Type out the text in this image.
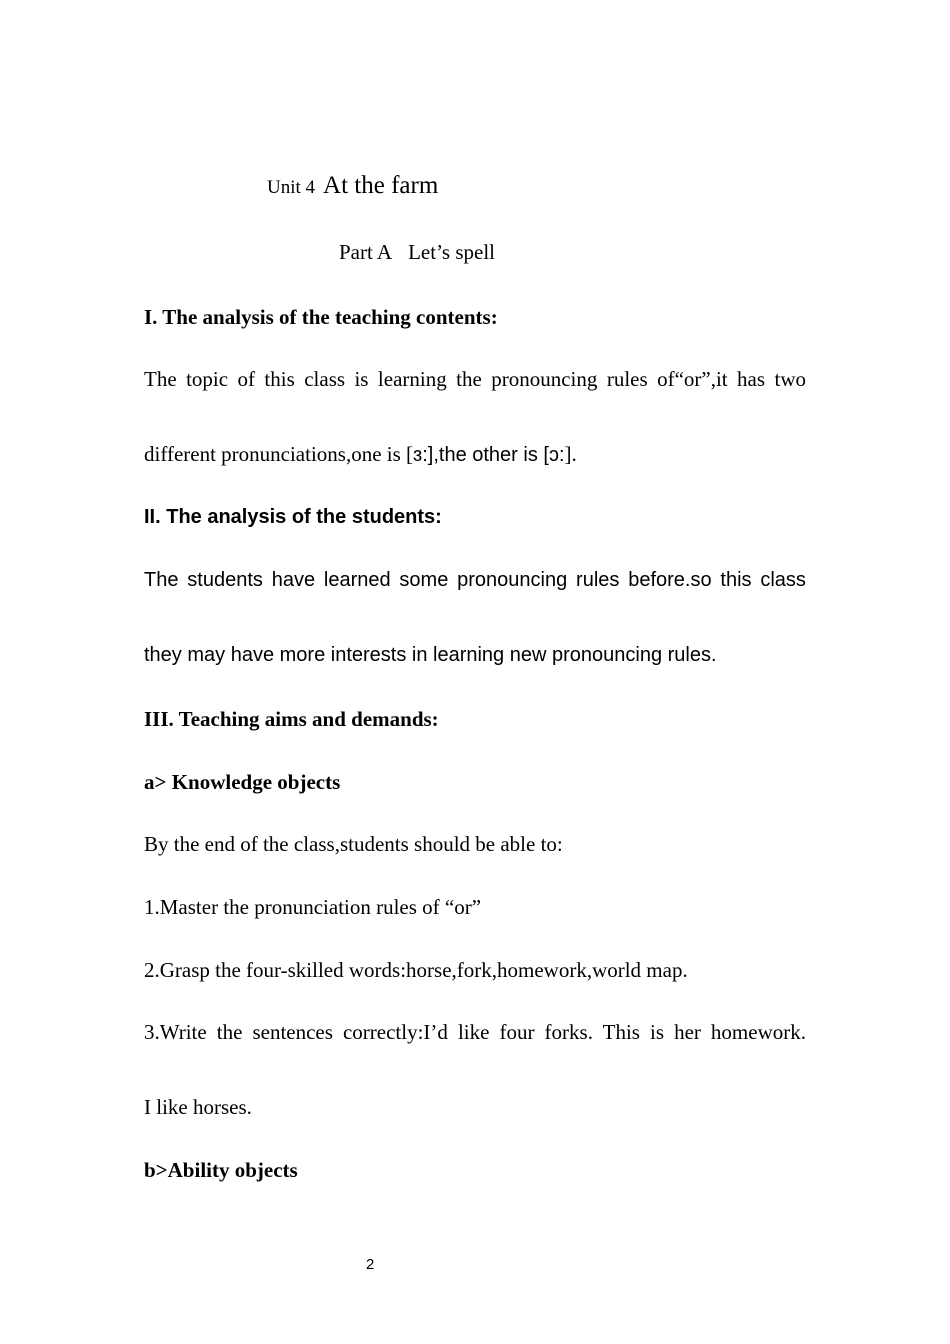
Unit 4 At the farm
Part A Let’s spell
I. The analysis of the teaching contents:
The topic of this class is learning the pronouncing rules of“or”,it has two
different pronunciations,one is [ɜ:],the other is [ɔ:].
II. The analysis of the students:
The students have learned some pronouncing rules before.so this class
they may have more interests in learning new pronouncing rules.
III. Teaching aims and demands:
a> Knowledge objects
By the end of the class,students should be able to:
1.Master the pronunciation rules of “or”
2.Grasp the four-skilled words:horse,fork,homework,world map.
3.Write the sentences correctly:I’d like four forks. This is her homework.
I like horses.
b>Ability objects
2
